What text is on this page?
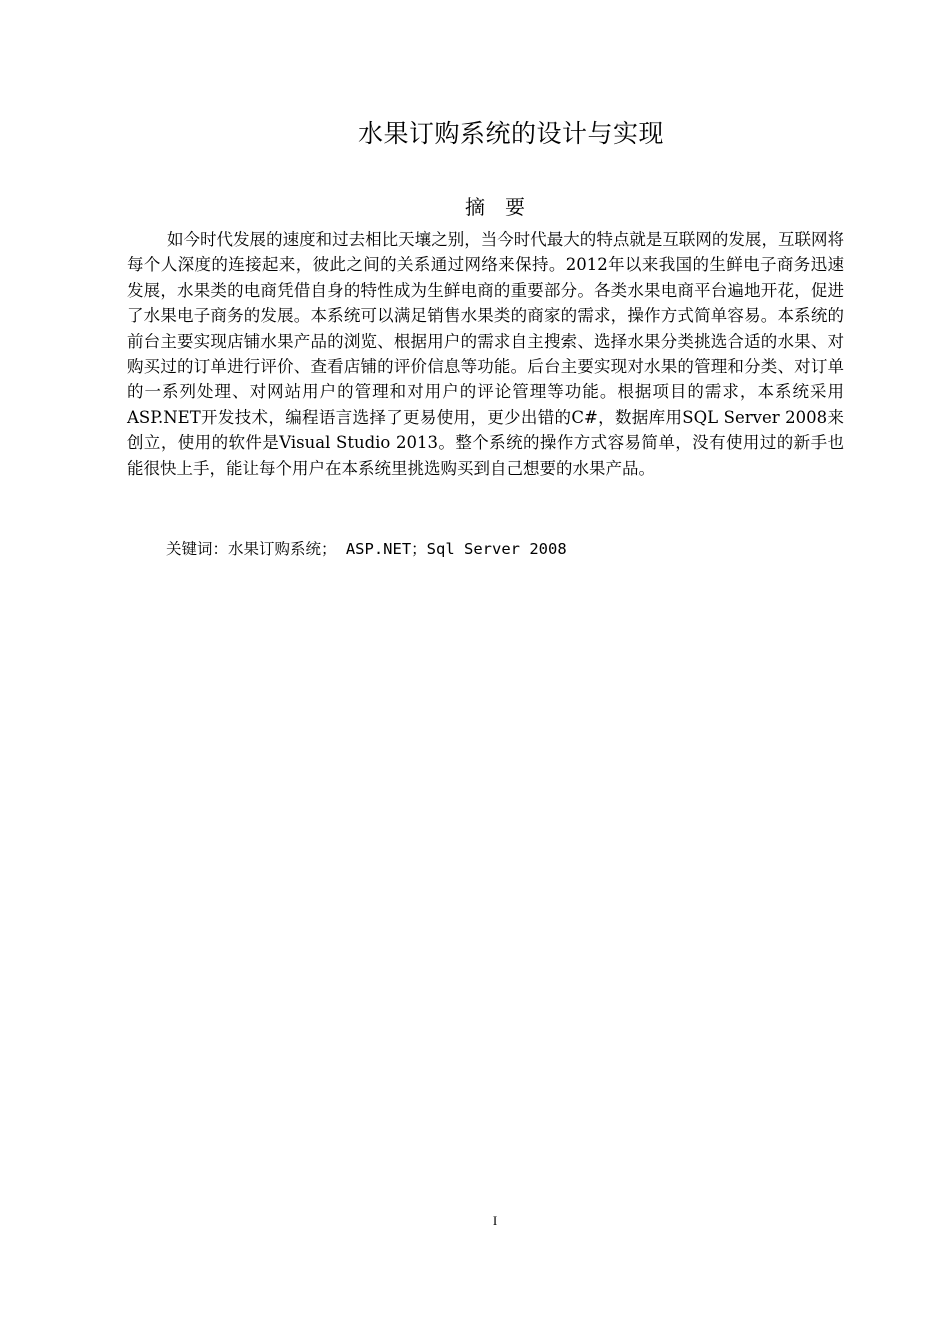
水果订购系统的设计与实现
摘要

如今时代发展的速度和过去相比天壤之别，当今时代最大的特点就是互联网的发展，互联网将每个人深度的连接起来，彼此之间的关系通过网络来保持。2012年以来我国的生鲜电子商务迅速发展，水果类的电商凭借自身的特性成为生鲜电商的重要部分。各类水果电商平台遍地开花，促进了水果电子商务的发展。本系统可以满足销售水果类的商家的需求，操作方式简单容易。本系统的前台主要实现店铺水果产品的浏览、根据用户的需求自主搜索、选择水果分类挑选合适的水果、对购买过的订单进行评价、查看店铺的评价信息等功能。后台主要实现对水果的管理和分类、对订单的一系列处理、对网站用户的管理和对用户的评论管理等功能。根据项目的需求，本系统采用ASP.NET开发技术，编程语言选择了更易使用，更少出错的C#，数据库用SQL Server 2008来创立，使用的软件是Visual Studio 2013。整个系统的操作方式容易简单，没有使用过的新手也能很快上手，能让每个用户在本系统里挑选购买到自己想要的水果产品。

关键词：水果订购系统； ASP.NET；Sql Server 2008
I
